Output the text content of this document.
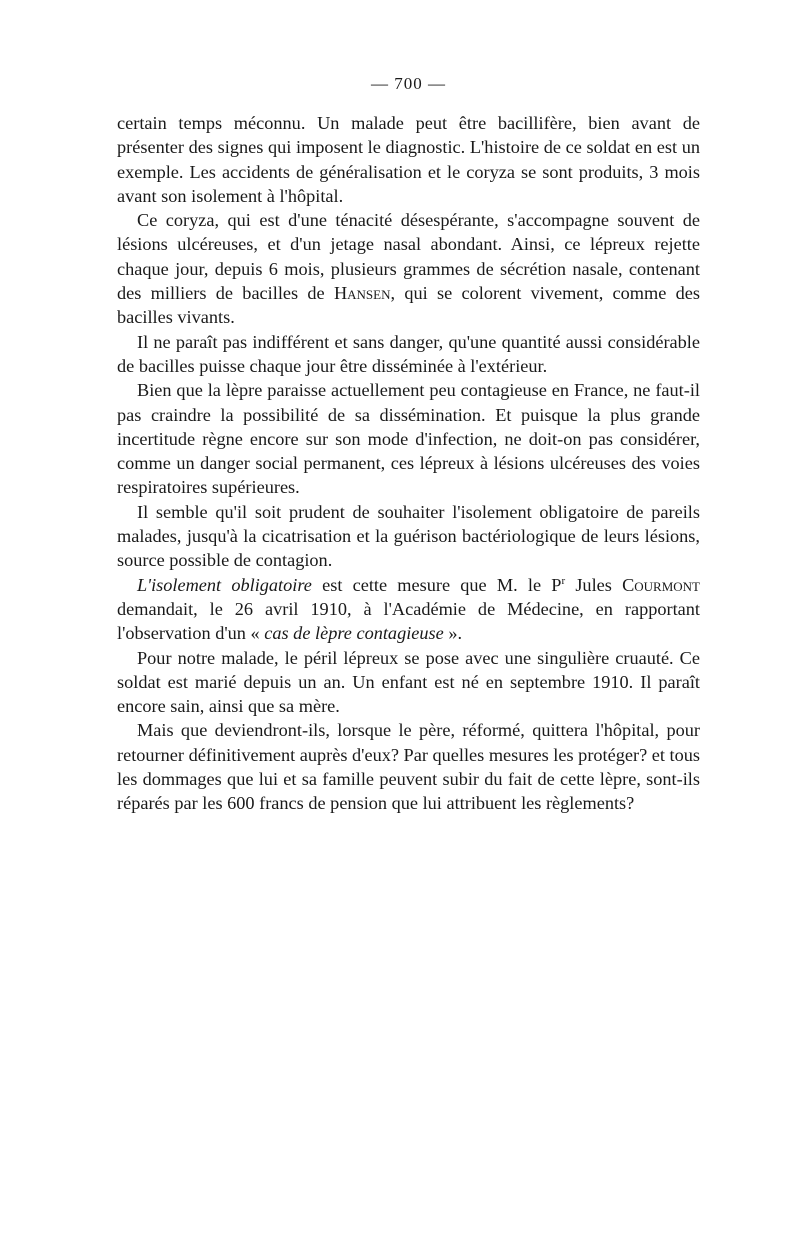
— 700 —

certain temps méconnu. Un malade peut être bacillifère, bien avant de présenter des signes qui imposent le diagnostic. L'histoire de ce soldat en est un exemple. Les accidents de généralisation et le coryza se sont produits, 3 mois avant son isolement à l'hôpital.

Ce coryza, qui est d'une ténacité désespérante, s'accompagne souvent de lésions ulcéreuses, et d'un jetage nasal abondant. Ainsi, ce lépreux rejette chaque jour, depuis 6 mois, plusieurs grammes de sécrétion nasale, contenant des milliers de bacilles de Hansen, qui se colorent vivement, comme des bacilles vivants.

Il ne paraît pas indifférent et sans danger, qu'une quantité aussi considérable de bacilles puisse chaque jour être disséminée à l'extérieur.

Bien que la lèpre paraisse actuellement peu contagieuse en France, ne faut-il pas craindre la possibilité de sa dissémination. Et puisque la plus grande incertitude règne encore sur son mode d'infection, ne doit-on pas considérer, comme un danger social permanent, ces lépreux à lésions ulcéreuses des voies respiratoires supérieures.

Il semble qu'il soit prudent de souhaiter l'isolement obligatoire de pareils malades, jusqu'à la cicatrisation et la guérison bactériologique de leurs lésions, source possible de contagion.

L'isolement obligatoire est cette mesure que M. le $P^r$ Jules Courmont demandait, le 26 avril 1910, à l'Académie de Médecine, en rapportant l'observation d'un « cas de lèpre contagieuse ».

Pour notre malade, le péril lépreux se pose avec une singulière cruauté. Ce soldat est marié depuis un an. Un enfant est né en septembre 1910. Il paraît encore sain, ainsi que sa mère.

Mais que deviendront-ils, lorsque le père, réformé, quittera l'hôpital, pour retourner définitivement auprès d'eux? Par quelles mesures les protéger? et tous les dommages que lui et sa famille peuvent subir du fait de cette lèpre, sont-ils réparés par les 600 francs de pension que lui attribuent les règlements?
